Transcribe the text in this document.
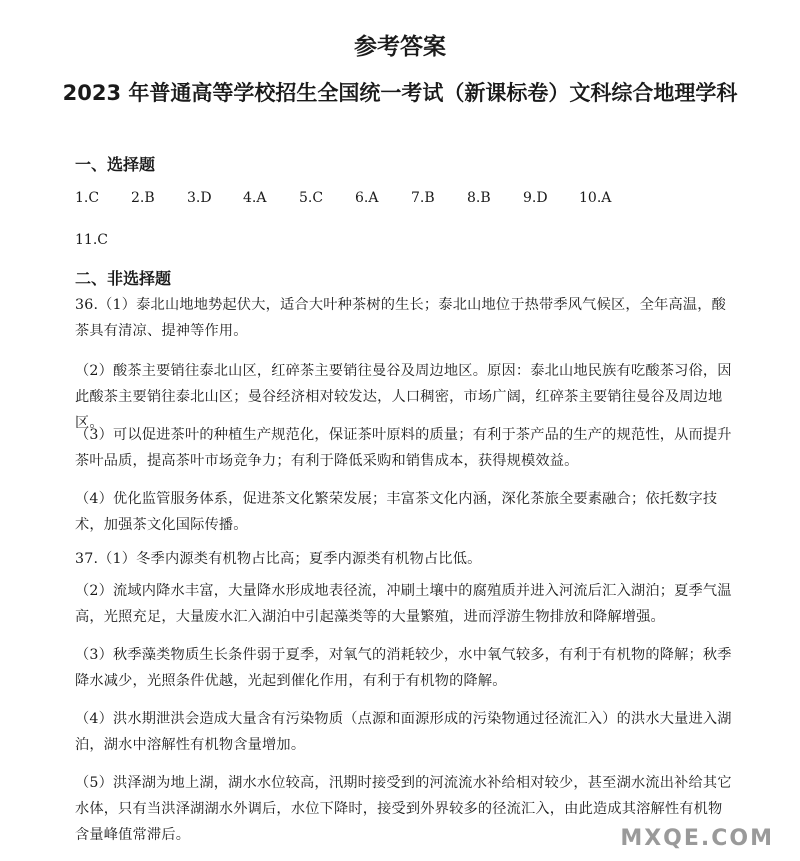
参考答案
2023 年普通高等学校招生全国统一考试（新课标卷）文科综合地理学科
一、选择题
1.C	2.B	3.D	4.A	5.C	6.A	7.B	8.B	9.D	10.A
11.C
二、非选择题
36.（1）泰北山地地势起伏大，适合大叶种茶树的生长；泰北山地位于热带季风气候区，全年高温，酸茶具有清凉、提神等作用。
（2）酸茶主要销往泰北山区，红碎茶主要销往曼谷及周边地区。原因：泰北山地民族有吃酸茶习俗，因此酸茶主要销往泰北山区；曼谷经济相对较发达，人口稠密，市场广阔，红碎茶主要销往曼谷及周边地区。
（3）可以促进茶叶的种植生产规范化，保证茶叶原料的质量；有利于茶产品的生产的规范性，从而提升茶叶品质，提高茶叶市场竞争力；有利于降低采购和销售成本，获得规模效益。
（4）优化监管服务体系，促进茶文化繁荣发展；丰富茶文化内涵，深化茶旅全要素融合；依托数字技术，加强茶文化国际传播。
37.（1）冬季内源类有机物占比高；夏季内源类有机物占比低。
（2）流域内降水丰富，大量降水形成地表径流，冲刷土壤中的腐殖质并进入河流后汇入湖泊；夏季气温高，光照充足，大量废水汇入湖泊中引起藻类等的大量繁殖，进而浮游生物排放和降解增强。
（3）秋季藻类物质生长条件弱于夏季，对氧气的消耗较少，水中氧气较多，有利于有机物的降解；秋季降水减少，光照条件优越，光起到催化作用，有利于有机物的降解。
（4）洪水期泄洪会造成大量含有污染物质（点源和面源形成的污染物通过径流汇入）的洪水大量进入湖泊，湖水中溶解性有机物含量增加。
（5）洪泽湖为地上湖，湖水水位较高，汛期时接受到的河流流水补给相对较少，甚至湖水流出补给其它水体，只有当洪泽湖湖水外调后，水位下降时，接受到外界较多的径流汇入，由此造成其溶解性有机物含量峰值常滞后。	MXQE.COM
